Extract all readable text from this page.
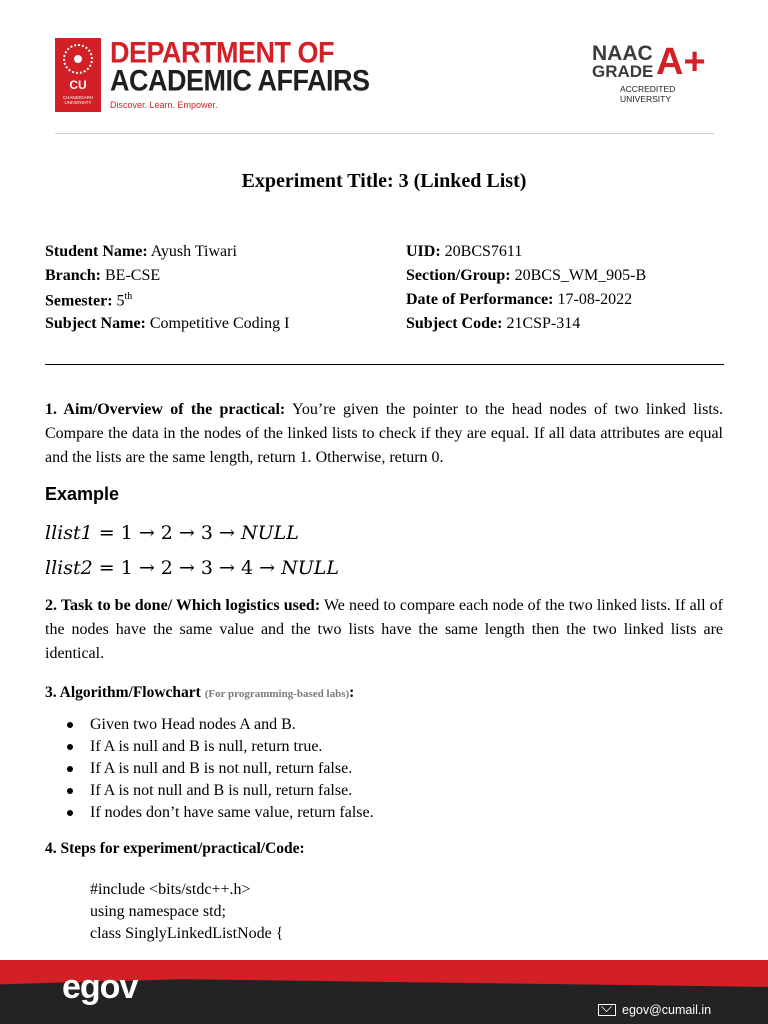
CU
CHANDIGARH UNIVERSITY
DEPARTMENT OF
ACADEMIC AFFAIRS
Discover. Learn. Empower.
NAAC
GRADE A+
ACCREDITED UNIVERSITY
Experiment Title: 3 (Linked List)
Student Name: Ayush Tiwari	UID: 20BCS7611
Branch: BE-CSE	Section/Group: 20BCS_WM_905-B
Semester: 5th	Date of Performance: 17-08-2022
Subject Name: Competitive Coding I	Subject Code: 21CSP-314
1. Aim/Overview of the practical: You’re given the pointer to the head nodes of two linked lists. Compare the data in the nodes of the linked lists to check if they are equal. If all data attributes are equal and the lists are the same length, return 1. Otherwise, return 0.
Example
llist1 = 1 → 2 → 3 → NULL
llist2 = 1 → 2 → 3 → 4 → NULL
2. Task to be done/ Which logistics used: We need to compare each node of the two linked lists. If all of the nodes have the same value and the two lists have the same length then the two linked lists are identical.
3. Algorithm/Flowchart (For programming-based labs):
Given two Head nodes A and B.
If A is null and B is null, return true.
If A is null and B is not null, return false.
If A is not null and B is null, return false.
If nodes don’t have same value, return false.
4. Steps for experiment/practical/Code:
#include <bits/stdc++.h>
using namespace std;
class SinglyLinkedListNode {
egov
egov@cumail.in
